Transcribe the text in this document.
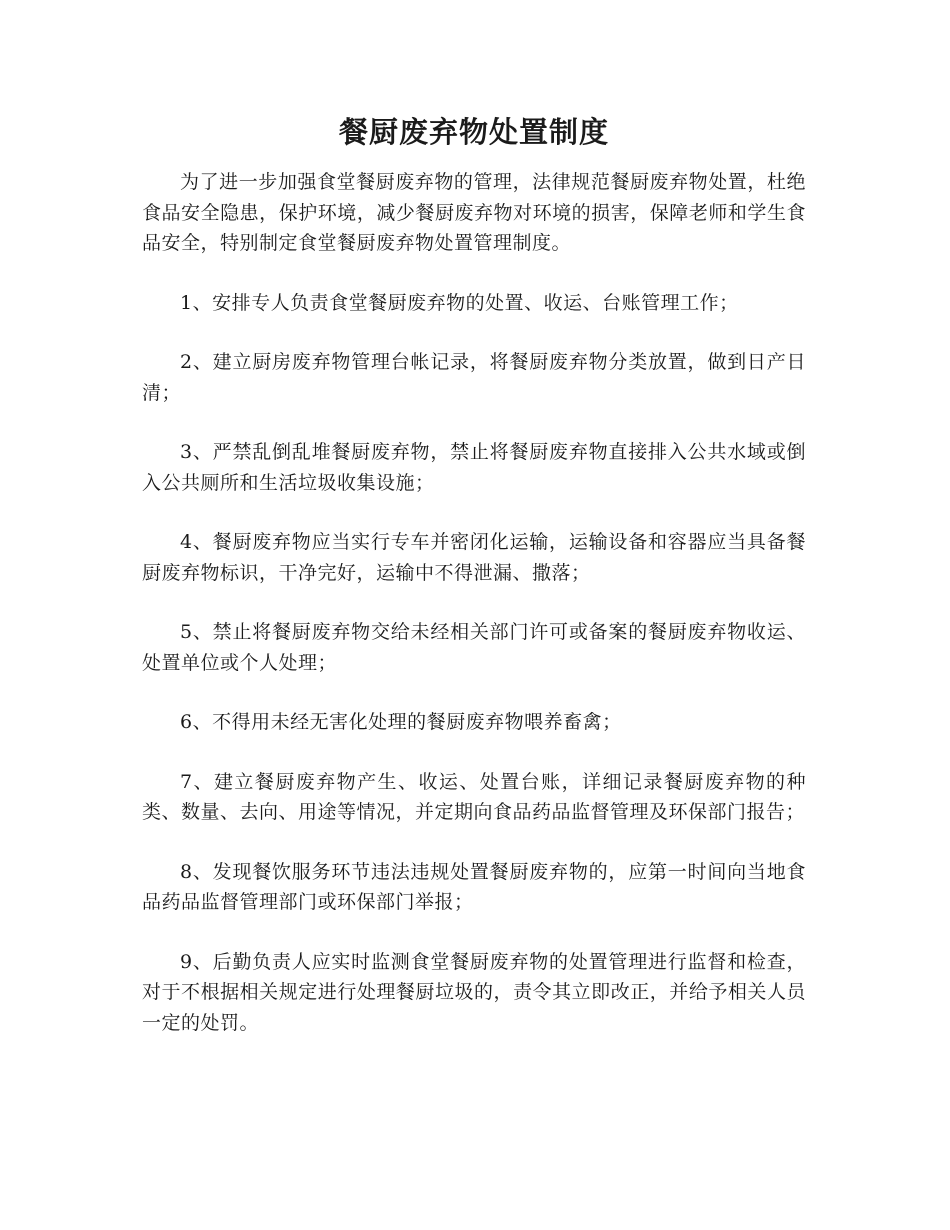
餐厨废弃物处置制度

为了进一步加强食堂餐厨废弃物的管理，法律规范餐厨废弃物处置，杜绝食品安全隐患，保护环境，减少餐厨废弃物对环境的损害，保障老师和学生食品安全，特别制定食堂餐厨废弃物处置管理制度。

1、安排专人负责食堂餐厨废弃物的处置、收运、台账管理工作；

2、建立厨房废弃物管理台帐记录，将餐厨废弃物分类放置，做到日产日清；

3、严禁乱倒乱堆餐厨废弃物，禁止将餐厨废弃物直接排入公共水域或倒入公共厕所和生活垃圾收集设施；

4、餐厨废弃物应当实行专车并密闭化运输，运输设备和容器应当具备餐厨废弃物标识，干净完好，运输中不得泄漏、撒落；

5、禁止将餐厨废弃物交给未经相关部门许可或备案的餐厨废弃物收运、处置单位或个人处理；

6、不得用未经无害化处理的餐厨废弃物喂养畜禽；

7、建立餐厨废弃物产生、收运、处置台账，详细记录餐厨废弃物的种类、数量、去向、用途等情况，并定期向食品药品监督管理及环保部门报告；

8、发现餐饮服务环节违法违规处置餐厨废弃物的，应第一时间向当地食品药品监督管理部门或环保部门举报；

9、后勤负责人应实时监测食堂餐厨废弃物的处置管理进行监督和检查，对于不根据相关规定进行处理餐厨垃圾的，责令其立即改正，并给予相关人员一定的处罚。
